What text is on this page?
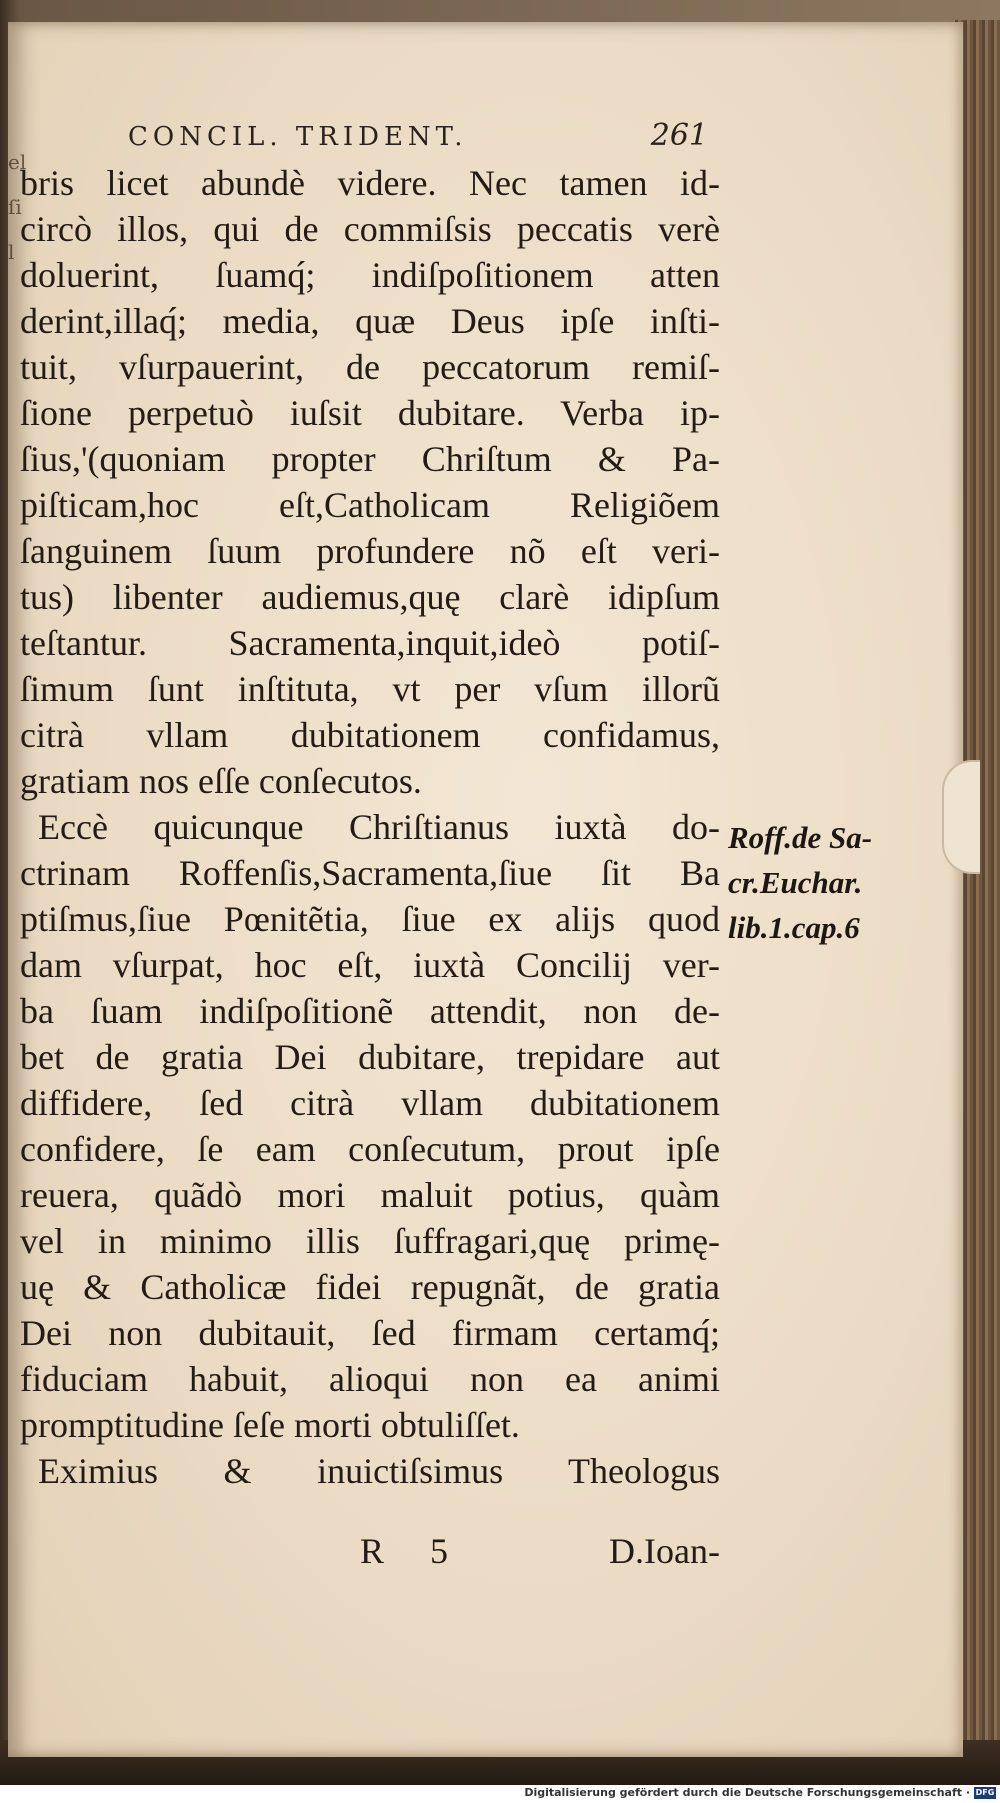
el
ſi
l
CONCIL. TRIDENT.	261
bris licet abundè videre. Nec tamen id-
circò illos, qui de commiſsis peccatis verè
doluerint, ſuamq́; indiſpoſitionem atten
derint,illaq́; media, quæ Deus ipſe inſti-
tuit, vſurpauerint, de peccatorum remiſ-
ſione perpetuò iuſsit dubitare. Verba ip-
ſius,'(quoniam propter Chriſtum & Pa-
piſticam,hoc eſt,Catholicam Religiõem
ſanguinem ſuum profundere nõ eſt veri-
tus) libenter audiemus,quę clarè idipſum
teſtantur. Sacramenta,inquit,ideò potiſ-
ſimum ſunt inſtituta, vt per vſum illorũ
citrà vllam dubitationem confidamus,
gratiam nos eſſe conſecutos.
Eccè quicunque Chriſtianus iuxtà do-
ctrinam Roffenſis,Sacramenta,ſiue ſit Ba
ptiſmus,ſiue Pœnitẽtia, ſiue ex alijs quod
dam vſurpat, hoc eſt, iuxtà Concilij ver-
ba ſuam indiſpoſitionẽ attendit, non de-
bet de gratia Dei dubitare, trepidare aut
diffidere, ſed citrà vllam dubitationem
confidere, ſe eam conſecutum, prout ipſe
reuera, quãdò mori maluit potius, quàm
vel in minimo illis ſuffragari,quę primę-
uę & Catholicæ fidei repugnãt, de gratia
Dei non dubitauit, ſed firmam certamq́;
fiduciam habuit, alioqui non ea animi
promptitudine ſeſe morti obtuliſſet.
Eximius & inuictiſsimus Theologus
Roff.de Sa-
cr.Euchar.
lib.1.cap.6
R 5	D.Ioan-
Digitalisierung gefördert durch die Deutsche Forschungsgemeinschaft · DFG
